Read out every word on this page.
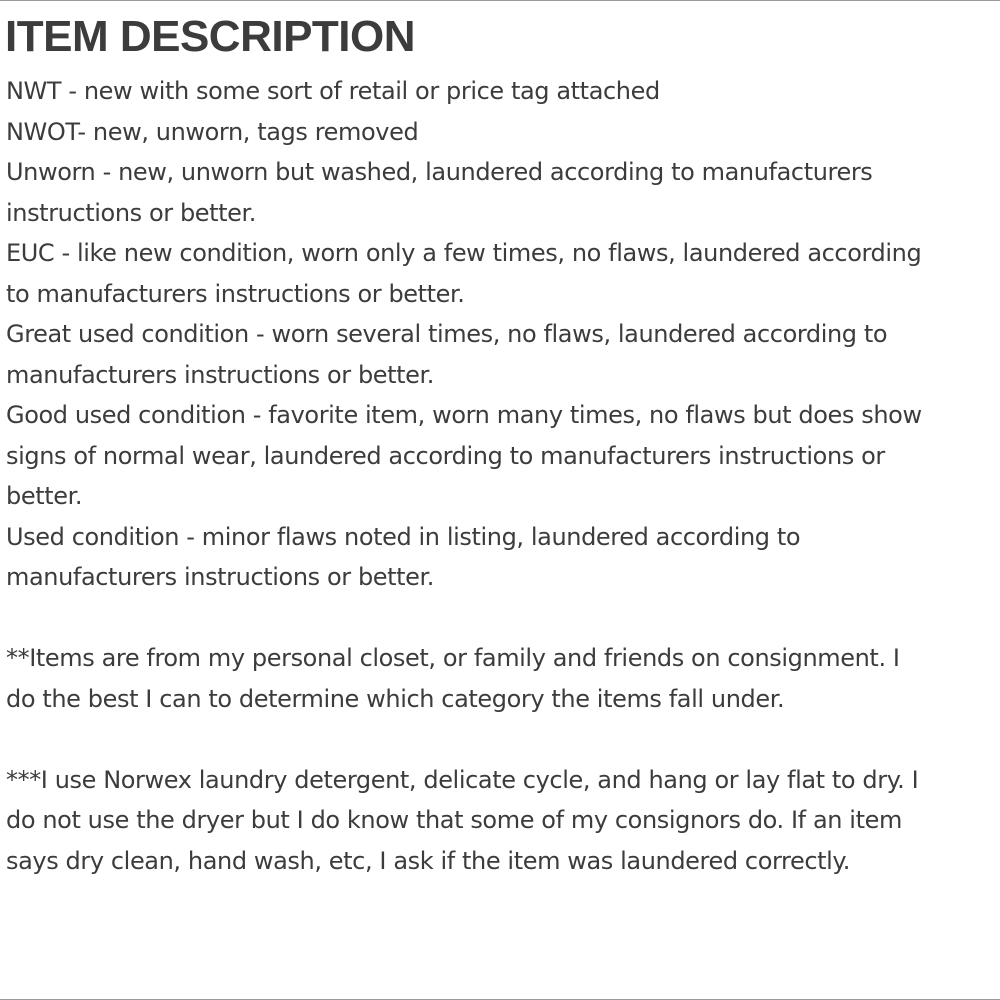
ITEM DESCRIPTION
NWT - new with some sort of retail or price tag attached
NWOT- new, unworn, tags removed
Unworn - new, unworn but washed, laundered according to manufacturers
instructions or better.
EUC - like new condition, worn only a few times, no flaws, laundered according
to manufacturers instructions or better.
Great used condition - worn several times, no flaws, laundered according to
manufacturers instructions or better.
Good used condition - favorite item, worn many times, no flaws but does show
signs of normal wear, laundered according to manufacturers instructions or
better.
Used condition - minor flaws noted in listing, laundered according to
manufacturers instructions or better.
**Items are from my personal closet, or family and friends on consignment. I
do the best I can to determine which category the items fall under.
***I use Norwex laundry detergent, delicate cycle, and hang or lay flat to dry. I
do not use the dryer but I do know that some of my consignors do. If an item
says dry clean, hand wash, etc, I ask if the item was laundered correctly.
